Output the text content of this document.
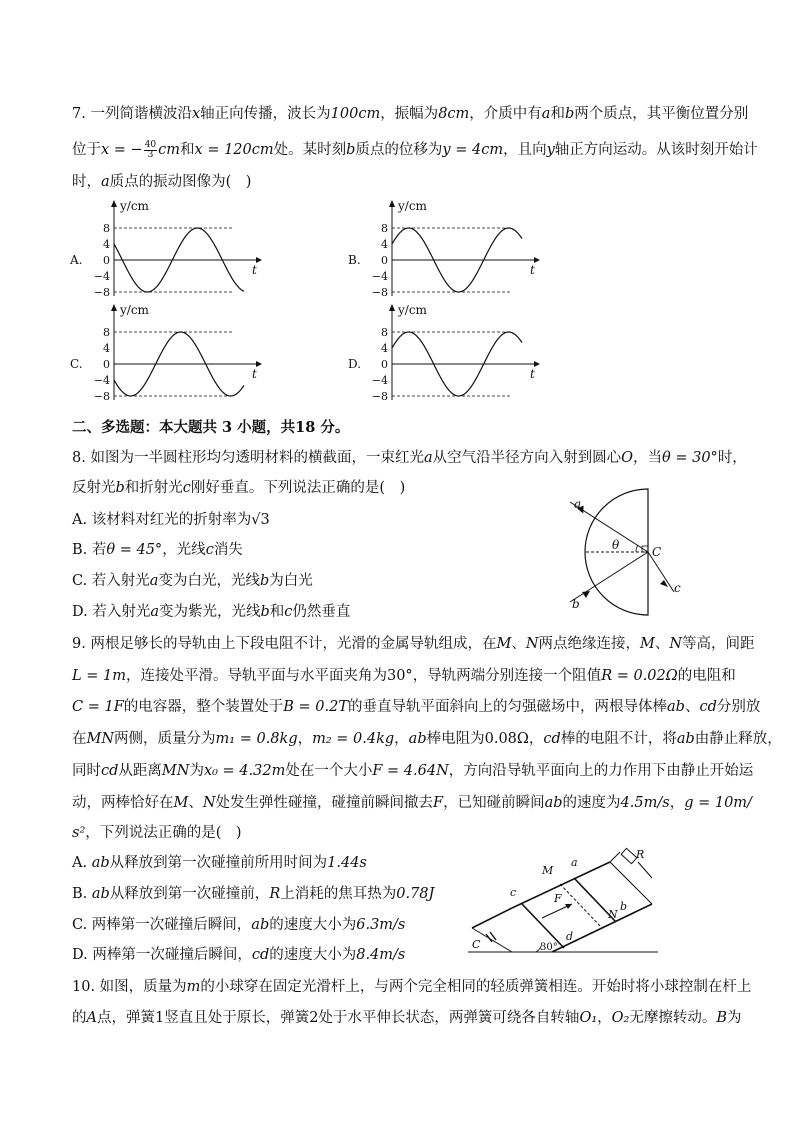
7. 一列简谐横波沿x轴正向传播，波长为100cm，振幅为8cm，介质中有a和b两个质点，其平衡位置分别
位于x = − $\frac{40}{3}$ cm和x = 120cm处。某时刻b质点的位移为y = 4cm，且向y轴正方向运动。从该时刻开始计
时，a质点的振动图像为(　)
A.
y/cm
t
8
4
0
−4
−8
B.
y/cm
t
8
4
0
−4
−8
C.
y/cm
t
8
4
0
−4
−8
D.
y/cm
t
8
4
0
−4
−8
二、多选题：本大题共 3 小题，共18 分。
8. 如图为一半圆柱形均匀透明材料的横截面，一束红光a从空气沿半径方向入射到圆心O，当θ = 30°时，
反射光b和折射光c刚好垂直。下列说法正确的是(　)
A. 该材料对红光的折射率为√3
B. 若θ = 45°，光线c消失
C. 若入射光a变为白光，光线b为白光
D. 若入射光a变为紫光，光线b和c仍然垂直
a
b
c
θ	C
9. 两根足够长的导轨由上下段电阻不计，光滑的金属导轨组成，在M、N两点绝缘连接，M、N等高，间距
L = 1m，连接处平滑。导轨平面与水平面夹角为30°，导轨两端分别连接一个阻值R = 0.02Ω的电阻和
C = 1F的电容器，整个装置处于B = 0.2T的垂直导轨平面斜向上的匀强磁场中，两根导体棒ab、cd分别放
在MN两侧，质量分为m₁ = 0.8kg，m₂ = 0.4kg，ab棒电阻为0.08Ω，cd棒的电阻不计，将ab由静止释放，
同时cd从距离MN为x₀ = 4.32m处在一个大小F = 4.64N，方向沿导轨平面向上的力作用下由静止开始运
动，两棒恰好在M、N处发生弹性碰撞，碰撞前瞬间撤去F，已知碰前瞬间ab的速度为4.5m/s，g = 10m/
s²，下列说法正确的是(　)
A. ab从释放到第一次碰撞前所用时间为1.44s
B. ab从释放到第一次碰撞前，R上消耗的焦耳热为0.78J
C. 两棒第一次碰撞后瞬间，ab的速度大小为6.3m/s
D. 两棒第一次碰撞后瞬间，cd的速度大小为8.4m/s
M
a
R
c	F
N
b
d
C	30°
10. 如图，质量为m的小球穿在固定光滑杆上，与两个完全相同的轻质弹簧相连。开始时将小球控制在杆上
的A点，弹簧1竖直且处于原长，弹簧2处于水平伸长状态，两弹簧可绕各自转轴O₁，O₂无摩擦转动。B为
